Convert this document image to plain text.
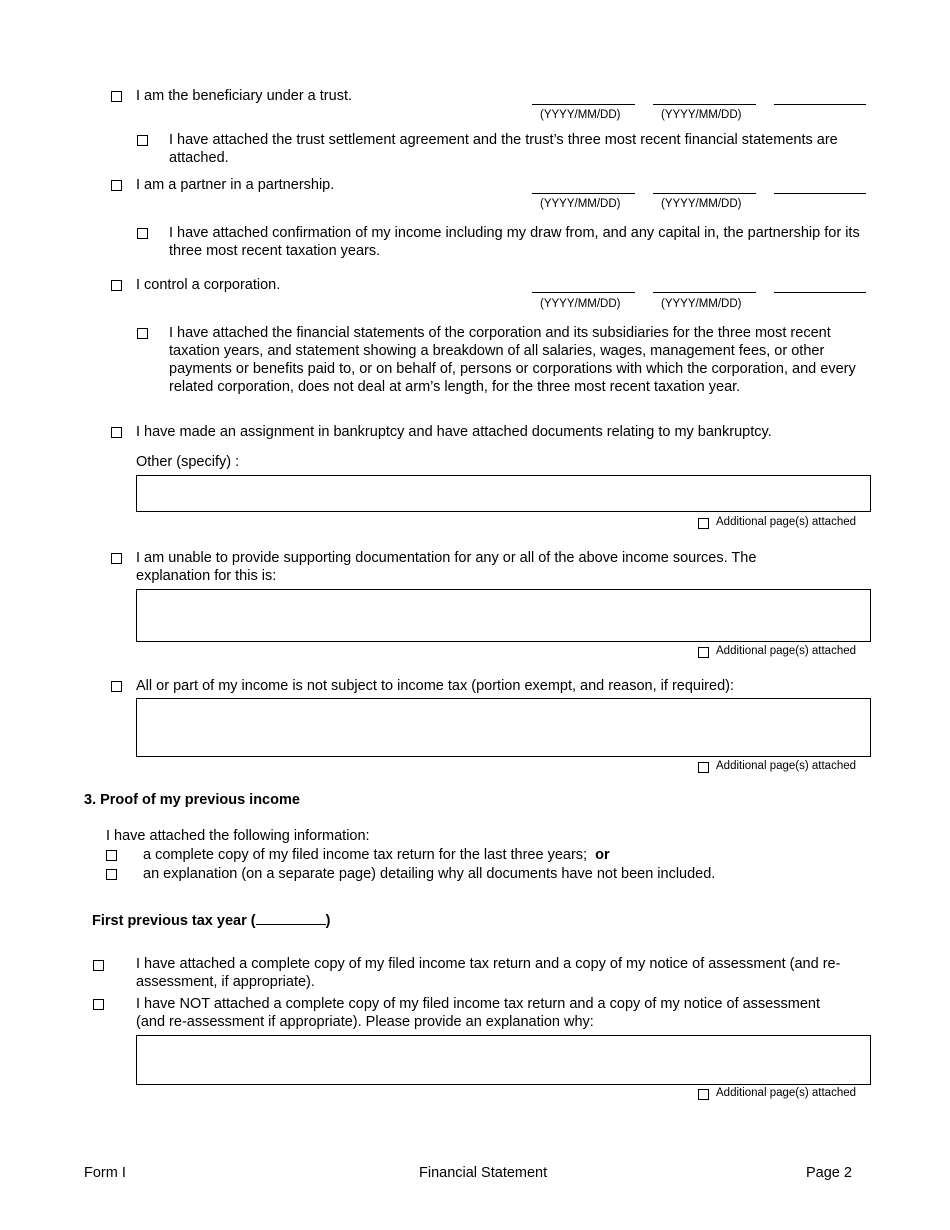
I am the beneficiary under a trust.
(YYYY/MM/DD)	(YYYY/MM/DD)
I have attached the trust settlement agreement and the trust’s three most recent financial statements are attached.
I am a partner in a partnership.
(YYYY/MM/DD)	(YYYY/MM/DD)
I have attached confirmation of my income including my draw from, and any capital in, the partnership for its three most recent taxation years.
I control a corporation.
(YYYY/MM/DD)	(YYYY/MM/DD)
I have attached the financial statements of the corporation and its subsidiaries for the three most recent taxation years, and statement showing a breakdown of all salaries, wages, management fees, or other payments or benefits paid to, or on behalf of, persons or corporations with which the corporation, and every related corporation, does not deal at arm’s length, for the three most recent taxation year.
I have made an assignment in bankruptcy and have attached documents relating to my bankruptcy.
Other (specify) :
Additional page(s) attached
I am unable to provide supporting documentation for any or all of the above income sources. The explanation for this is:
Additional page(s) attached
All or part of my income is not subject to income tax (portion exempt, and reason, if required):
Additional page(s) attached
3. Proof of my previous income
I have attached the following information:
a complete copy of my filed income tax return for the last three years; or
an explanation (on a separate page) detailing why all documents have not been included.
First previous tax year (	)
I have attached a complete copy of my filed income tax return and a copy of my notice of assessment (and re-assessment, if appropriate).
I have NOT attached a complete copy of my filed income tax return and a copy of my notice of assessment (and re-assessment if appropriate). Please provide an explanation why:
Additional page(s) attached
Form I	Financial Statement	Page 2
